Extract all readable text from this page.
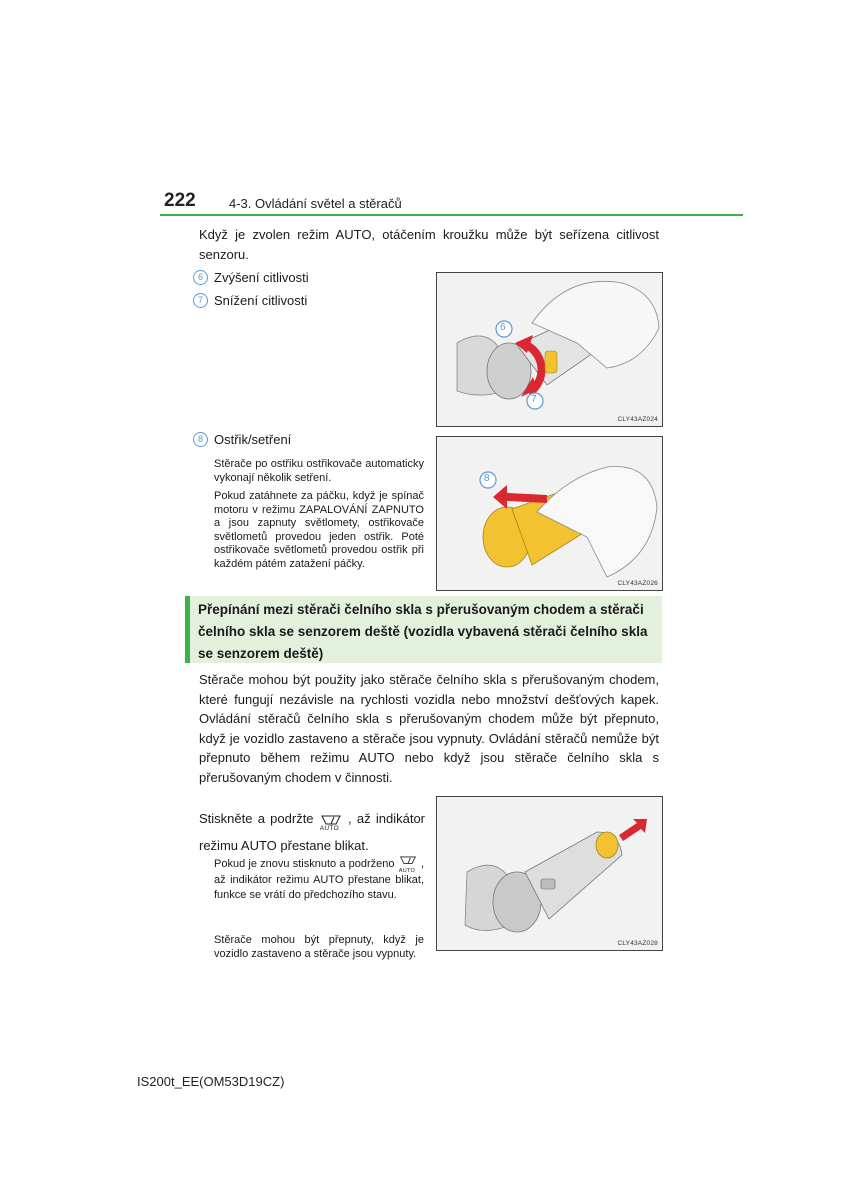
222	4-3. Ovládání světel a stěračů
Když je zvolen režim AUTO, otáčením kroužku může být seřízena citlivost senzoru.
6 Zvýšení citlivosti
7 Snížení citlivosti
6
7
CLY43AZ024
8 Ostřik/setření
Stěrače po ostřiku ostřikovače automaticky vykonají několik setření.
Pokud zatáhnete za páčku, když je spínač motoru v režimu ZAPALOVÁNÍ ZAPNUTO a jsou zapnuty světlomety, ostřikovače světlometů provedou jeden ostřik. Poté ostřikovače světlometů provedou ostřik při každém pátém zatažení páčky.
8
CLY43AZ026
Přepínání mezi stěrači čelního skla s přerušovaným chodem a stěrači čelního skla se senzorem deště (vozidla vybavená stěrači čelního skla se senzorem deště)
Stěrače mohou být použity jako stěrače čelního skla s přerušovaným chodem, které fungují nezávisle na rychlosti vozidla nebo množství dešťových kapek. Ovládání stěračů čelního skla s přerušovaným chodem může být přepnuto, když je vozidlo zastaveno a stěrače jsou vypnuty. Ovládání stěračů nemůže být přepnuto během režimu AUTO nebo když jsou stěrače čelního skla s přerušovaným chodem v činnosti.
Stiskněte a podržte
AUTO
, až indikátor režimu AUTO přestane blikat.
Pokud je znovu stisknuto a podrženo
AUTO
, až indikátor režimu AUTO přestane blikat, funkce se vrátí do předchozího stavu.
Stěrače mohou být přepnuty, když je vozidlo zastaveno a stěrače jsou vypnuty.
CLY43AZ028
IS200t_EE(OM53D19CZ)
